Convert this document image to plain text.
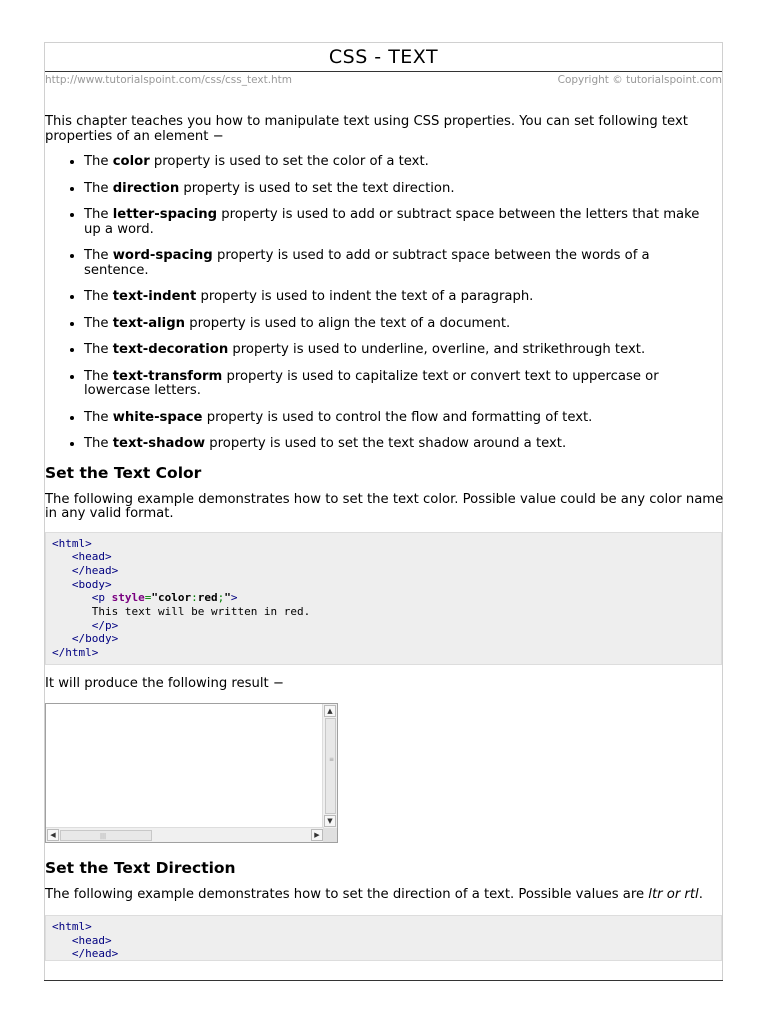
CSS - TEXT
http://www.tutorialspoint.com/css/css_text.htm	Copyright © tutorialspoint.com

This chapter teaches you how to manipulate text using CSS properties. You can set following text properties of an element −

• The color property is used to set the color of a text.
• The direction property is used to set the text direction.
• The letter-spacing property is used to add or subtract space between the letters that make up a word.
• The word-spacing property is used to add or subtract space between the words of a sentence.
• The text-indent property is used to indent the text of a paragraph.
• The text-align property is used to align the text of a document.
• The text-decoration property is used to underline, overline, and strikethrough text.
• The text-transform property is used to capitalize text or convert text to uppercase or lowercase letters.
• The white-space property is used to control the flow and formatting of text.
• The text-shadow property is used to set the text shadow around a text.
Set the Text Color

The following example demonstrates how to set the text color. Possible value could be any color name in any valid format.

<html>
<head>
</head>
<body>
<p style="color:red;">
This text will be written in red.
</p>
</body>
</html>

It will produce the following result −

▲
≡
▼
◀	|||	▶
Set the Text Direction

The following example demonstrates how to set the direction of a text. Possible values are ltr or rtl.

<html>
<head>
</head>
